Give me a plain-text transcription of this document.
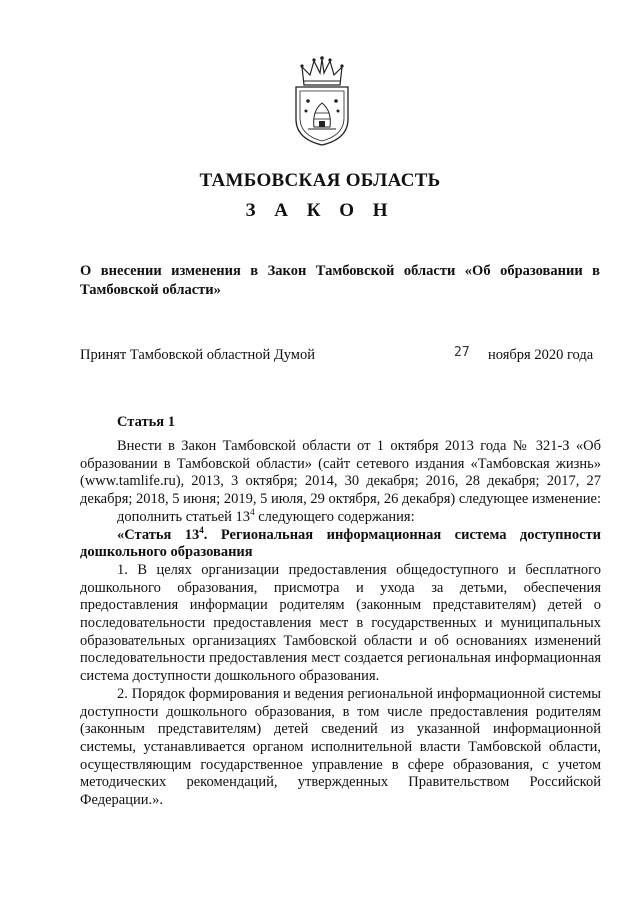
ТАМБОВСКАЯ ОБЛАСТЬ
З А К О Н
О внесении изменения в Закон Тамбовской области «Об образовании в Тамбовской области»
Принят Тамбовской областной Думой	27 ноября 2020 года
Статья 1

Внести в Закон Тамбовской области от 1 октября 2013 года № 321-З «Об образовании в Тамбовской области» (сайт сетевого издания «Тамбовская жизнь» (www.tamlife.ru), 2013, 3 октября; 2014, 30 декабря; 2016, 28 декабря; 2017, 27 декабря; 2018, 5 июня; 2019, 5 июля, 29 октября, 26 декабря) следующее изменение:

дополнить статьей $13^4$ следующего содержания:

«Статья $13^4$. Региональная информационная система доступности дошкольного образования

1. В целях организации предоставления общедоступного и бесплатного дошкольного образования, присмотра и ухода за детьми, обеспечения предоставления информации родителям (законным представителям) детей о последовательности предоставления мест в государственных и муниципальных образовательных организациях Тамбовской области и об основаниях изменений последовательности предоставления мест создается региональная информационная система доступности дошкольного образования.

2. Порядок формирования и ведения региональной информационной системы доступности дошкольного образования, в том числе предоставления родителям (законным представителям) детей сведений из указанной информационной системы, устанавливается органом исполнительной власти Тамбовской области, осуществляющим государственное управление в сфере образования, с учетом методических рекомендаций, утвержденных Правительством Российской Федерации.».
